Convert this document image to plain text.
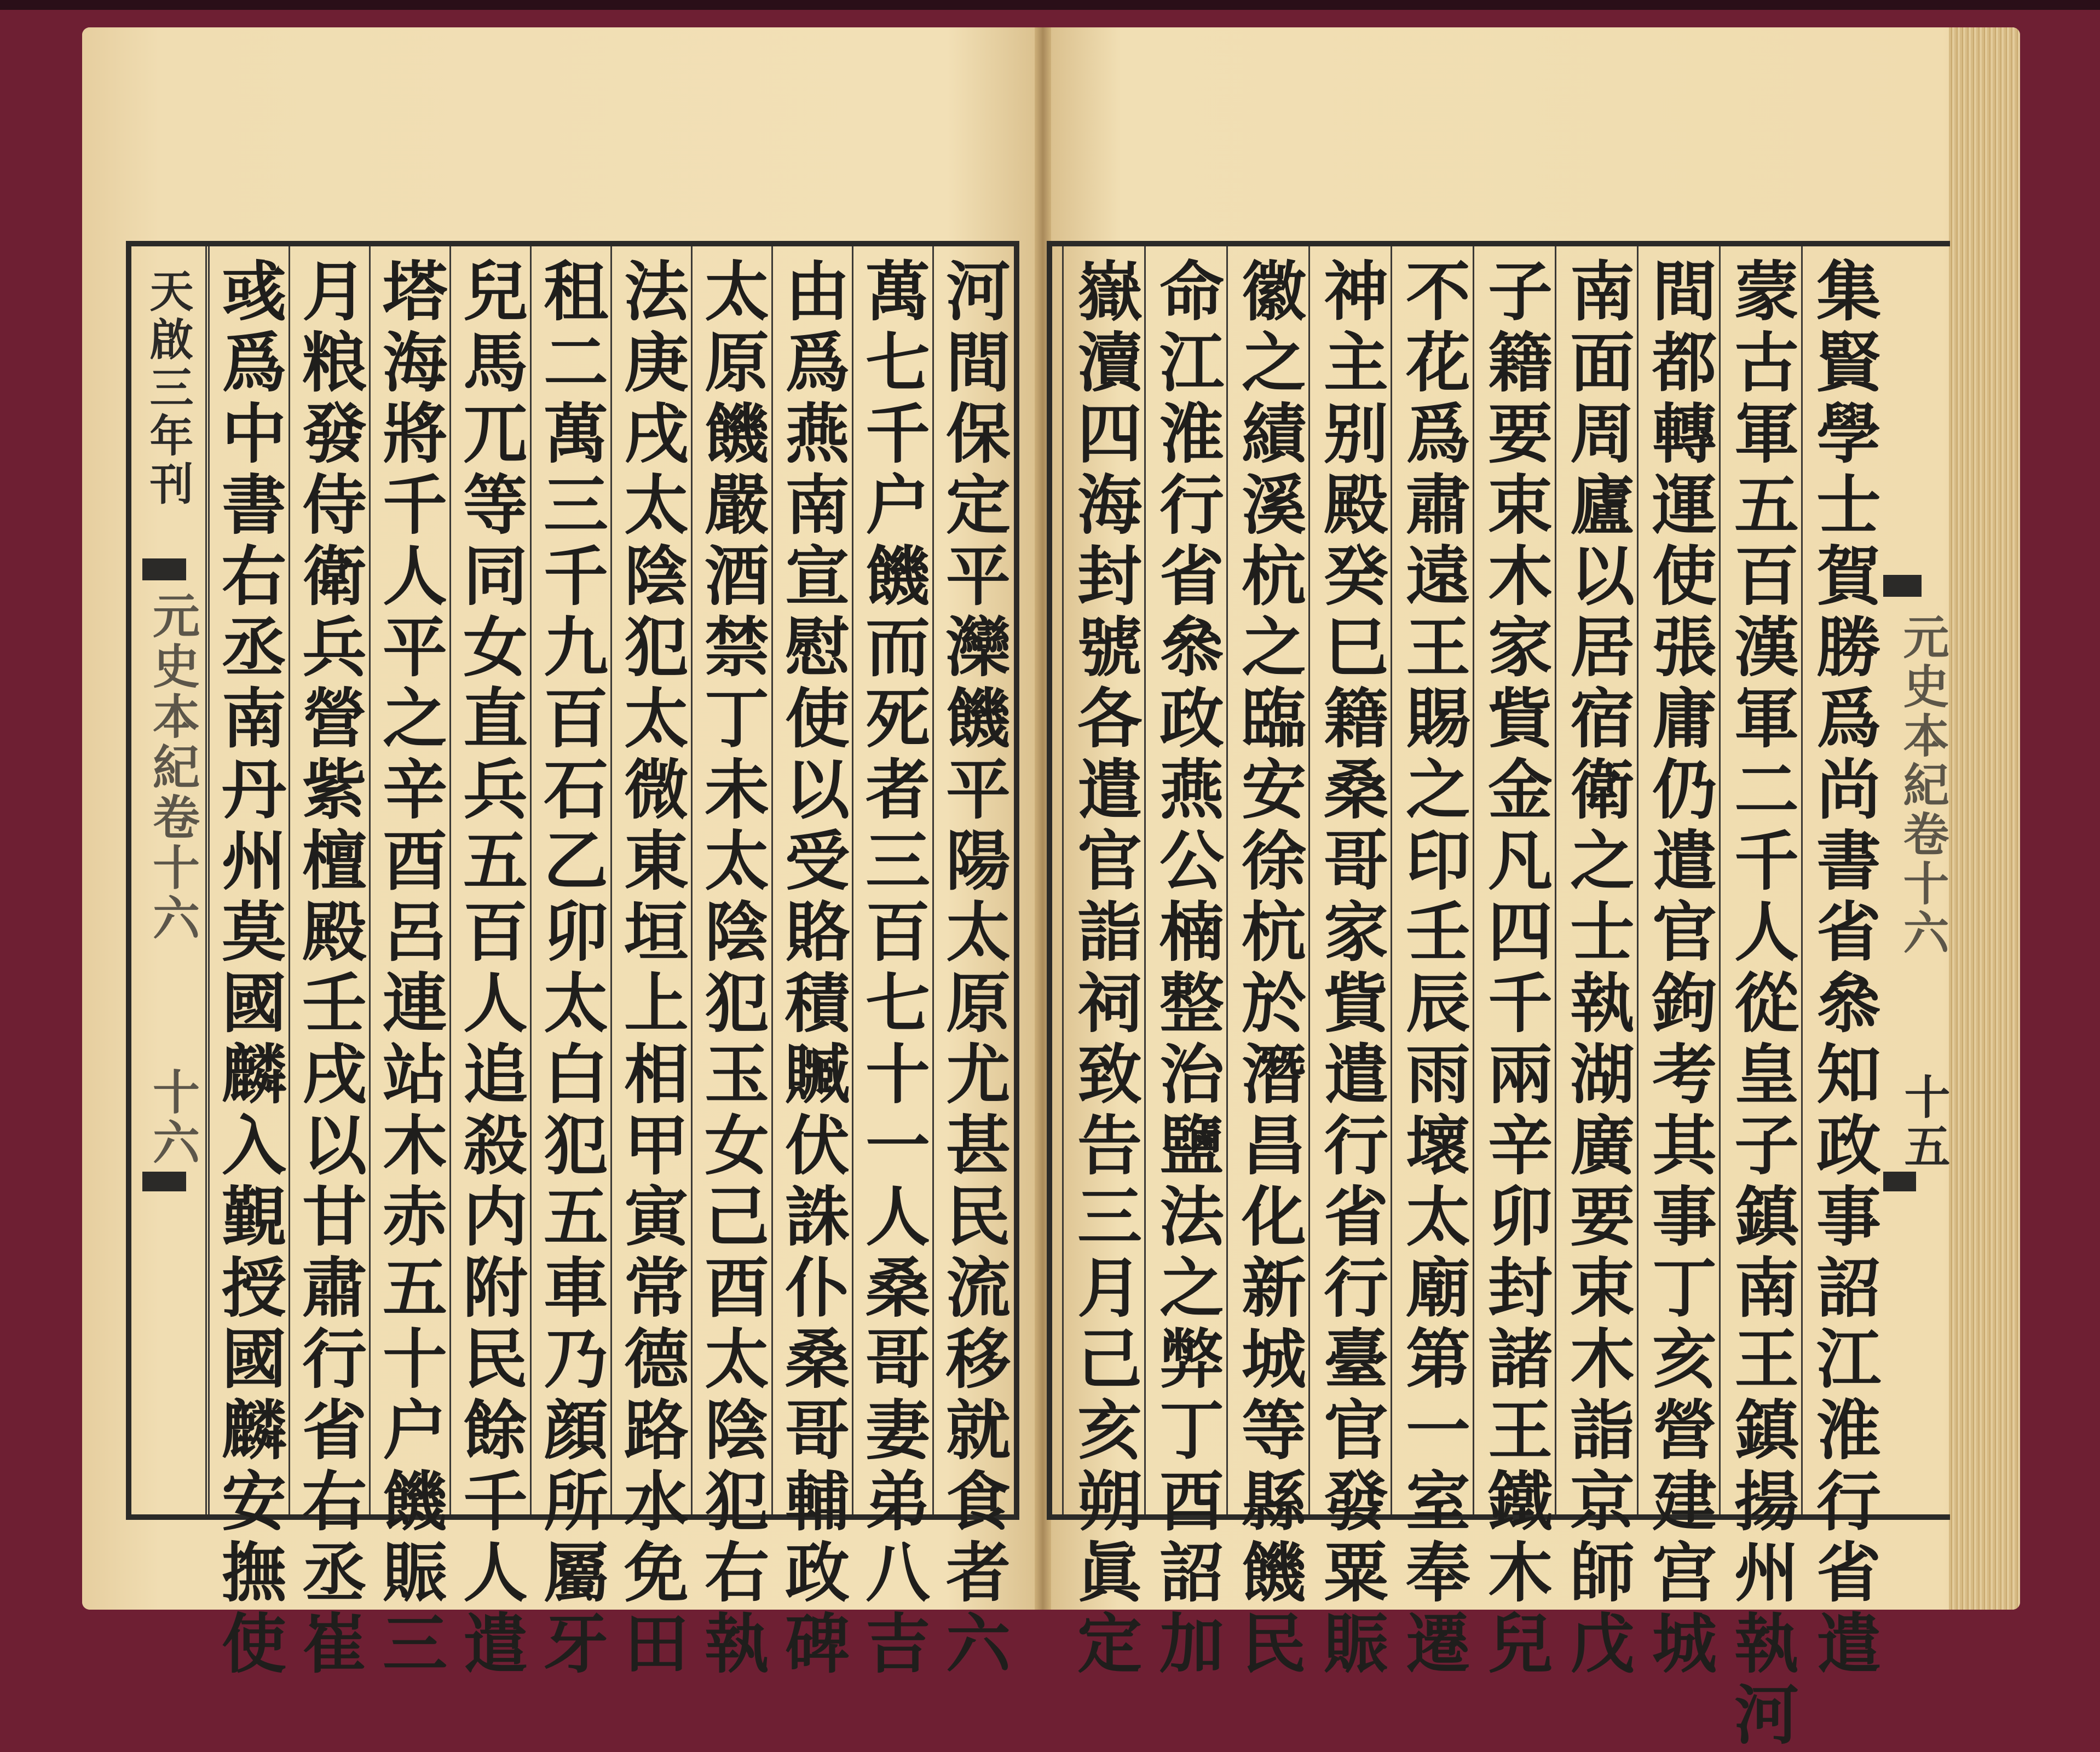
天啟三年刊
元史本紀卷十六
十六	河間保定平灤饑平陽太原尤甚民流移就食者六
萬七千户饑而死者三百七十一人桑哥妻弟八吉
由爲燕南宣慰使以受賂積贓伏誅仆桑哥輔政碑
太原饑嚴酒禁丁未太陰犯玉女己酉太陰犯右執
法庚戌太陰犯太微東垣上相甲寅常德路水免田
租二萬三千九百石乙卯太白犯五車乃顔所屬牙
兒馬兀等同女直兵五百人追殺内附民餘千人遣
塔海將千人平之辛酉呂連站木赤五十户饑賑三
月粮發侍衛兵營紫檀殿壬戌以甘肅行省右丞崔
彧爲中書右丞南丹州莫國麟入覲授國麟安撫使	元史本紀卷十六
十五
集賢學士賀勝爲尚書省叅知政事詔江淮行省遣
蒙古軍五百漢軍二千人從皇子鎮南王鎮揚州執河
間都轉運使張庸仍遣官鉤考其事丁亥營建宫城
南面周廬以居宿衛之士執湖廣要束木詣京師戊
子籍要束木家貲金凡四千兩辛卯封諸王鐵木兒
不花爲肅遠王賜之印壬辰雨壞太廟第一室奉遷
神主别殿癸巳籍桑哥家貲遣行省行臺官發粟賑
徽之績溪杭之臨安徐杭於潛昌化新城等縣饑民
命江淮行省叅政燕公楠整治鹽法之弊丁酉詔加
嶽瀆四海封號各遣官詣祠致告三月己亥朔眞定
